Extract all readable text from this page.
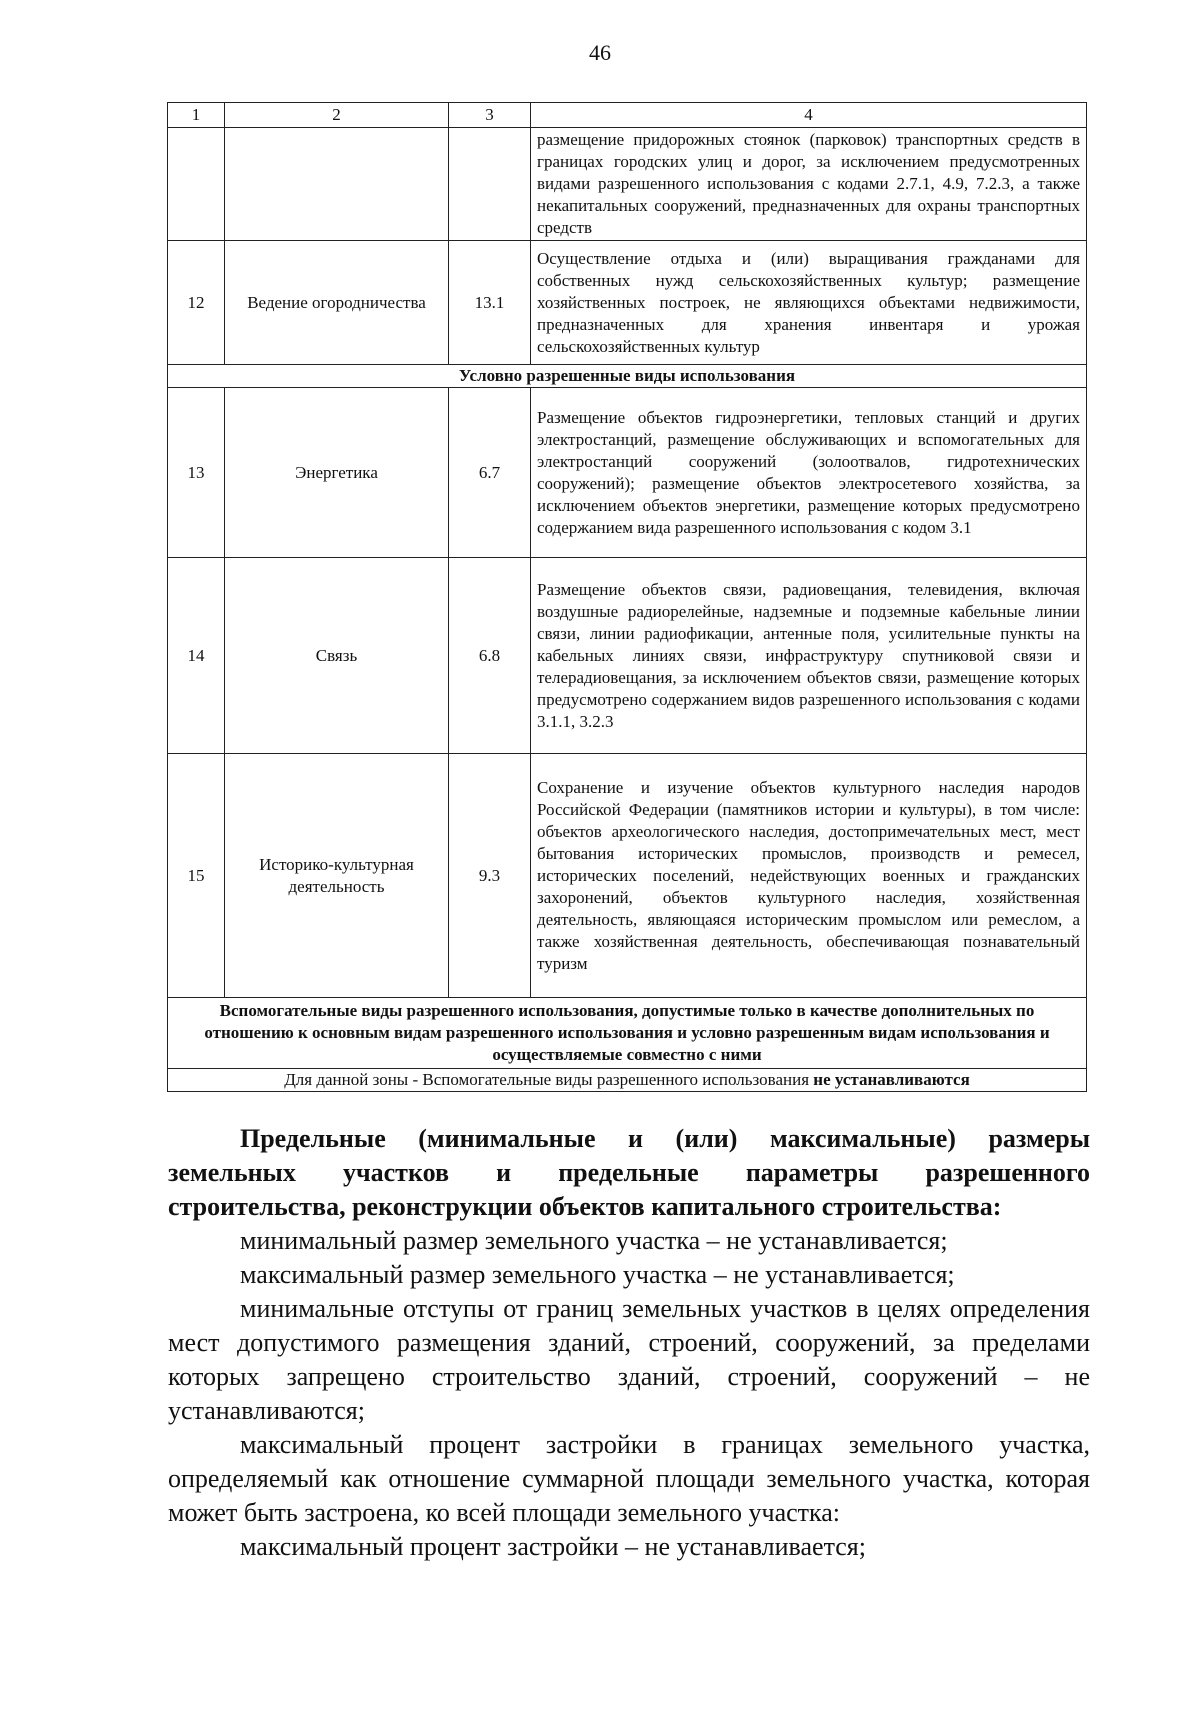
46
1	2	3	4
			размещение придорожных стоянок (парковок) транспортных средств в границах городских улиц и дорог, за исключением предусмотренных видами разрешенного использования с кодами 2.7.1, 4.9, 7.2.3, а также некапитальных сооружений, предназначенных для охраны транспортных средств
12	Ведение огородничества	13.1	Осуществление отдыха и (или) выращивания гражданами для собственных нужд сельскохозяйственных культур; размещение хозяйственных построек, не являющихся объектами недвижимости, предназначенных для хранения инвентаря и урожая сельскохозяйственных культур
Условно разрешенные виды использования			
13	Энергетика	6.7	Размещение объектов гидроэнергетики, тепловых станций и других электростанций, размещение обслуживающих и вспомогательных для электростанций сооружений (золоотвалов, гидротехнических сооружений); размещение объектов электросетевого хозяйства, за исключением объектов энергетики, размещение которых предусмотрено содержанием вида разрешенного использования с кодом 3.1
14	Связь	6.8	Размещение объектов связи, радиовещания, телевидения, включая воздушные радиорелейные, надземные и подземные кабельные линии связи, линии радиофикации, антенные поля, усилительные пункты на кабельных линиях связи, инфраструктуру спутниковой связи и телерадиовещания, за исключением объектов связи, размещение которых предусмотрено содержанием видов разрешенного использования с кодами 3.1.1, 3.2.3
15	Историко-культурная деятельность	9.3	Сохранение и изучение объектов культурного наследия народов Российской Федерации (памятников истории и культуры), в том числе: объектов археологического наследия, достопримечательных мест, мест бытования исторических промыслов, производств и ремесел, исторических поселений, недействующих военных и гражданских захоронений, объектов культурного наследия, хозяйственная деятельность, являющаяся историческим промыслом или ремеслом, а также хозяйственная деятельность, обеспечивающая познавательный туризм
Вспомогательные виды разрешенного использования, допустимые только в качестве дополнительных по отношению к основным видам разрешенного использования и условно разрешенным видам использования и осуществляемые совместно с ними			
Для данной зоны - Вспомогательные виды разрешенного использования не устанавливаются			

Предельные (минимальные и (или) максимальные) размеры
земельных участков и предельные параметры разрешенного
строительства, реконструкции объектов капитального строительства:

минимальный размер земельного участка – не устанавливается;

максимальный размер земельного участка – не устанавливается;

минимальные отступы от границ земельных участков в целях определения мест допустимого размещения зданий, строений, сооружений, за пределами которых запрещено строительство зданий, строений, сооружений – не устанавливаются;

максимальный процент застройки в границах земельного участка, определяемый как отношение суммарной площади земельного участка, которая может быть застроена, ко всей площади земельного участка:

максимальный процент застройки – не устанавливается;
